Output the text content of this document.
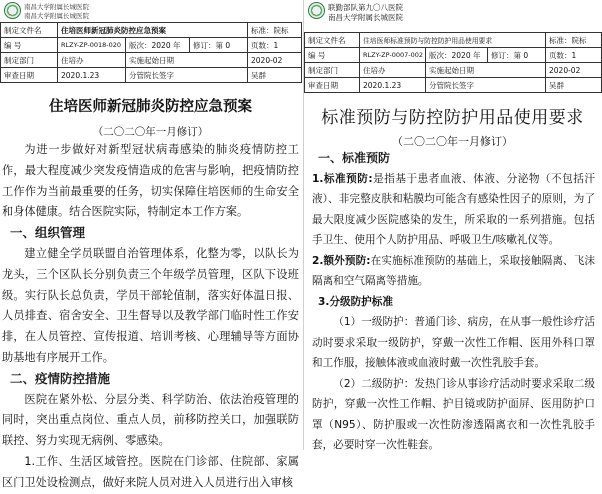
南昌大学附属长城医院
南昌大学附属长城医院
制定文件名	住培医师新冠肺炎防控应急预案			标准：院标
编 号	RLZY-ZP-0018-020	版次：2020 年	修订：第 0	页数：1
制定部门	住培办	实施起始日期		2020-02
审查日期	2020.1.23	分管院长签字		吴群
住培医师新冠肺炎防控应急预案
（二〇二〇年一月修订）

为进一步做好对新型冠状病毒感染的肺炎疫情防控工作，最大程度减少突发疫情造成的危害与影响，把疫情防控工作作为当前最重要的任务，切实保障住培医师的生命安全和身体健康。结合医院实际，特制定本工作方案。

一、组织管理

建立健全学员联盟自治管理体系，化整为零，以队长为龙头，三个区队长分别负责三个年级学员管理，区队下设班级。实行队长总负责，学员干部轮值制，落实好体温日报、人员排查、宿舍安全、卫生督导以及教学部门临时性工作安排，在人员管控、宣传报道、培训考核、心理辅导等方面协助基地有序展开工作。

二、疫情防控措施

医院在紧外松、分层分类、科学防治、依法治疫管理的同时，突出重点岗位、重点人员，前移防控关口，加强联防联控、努力实现无病例、零感染。

1.工作、生活区域管控。医院在门诊部、住院部、家属区门卫处设检测点，做好来院人员对进入人员进行出入审核

联勤部队第九〇八医院
南昌大学附属长城医院
制定文件名	住培医师标准预防与防控防护用品使用要求			标准：院标
编 号	RLZY-ZP-0007-002	版次：2020 年	修订：第 0	页数：1
制定部门	住培办	实施起始日期		2020-02
审查日期	2020.1.23	分管院长签字		吴群
标准预防与防控防护用品使用要求
（二〇二〇年一月修订）

一、标准预防

1.标准预防:是指基于患者血液、体液、分泌物（不包括汗液）、非完整皮肤和粘膜均可能含有感染性因子的原则，为了最大限度减少医院感染的发生，所采取的一系列措施。包括手卫生、使用个人防护用品、呼吸卫生/咳嗽礼仪等。

2.额外预防:在实施标准预防的基础上，采取接触隔离、飞沫隔离和空气隔离等措施。

3.分级防护标准

（1）一级防护：普通门诊、病房，在从事一般性诊疗活动时要求采取一级防护，穿戴一次性工作帽、医用外科口罩和工作服，接触体液或血液时戴一次性乳胶手套。

（2）二级防护：发热门诊从事诊疗活动时要求采取二级防护，穿戴一次性工作帽、护目镜或防护面屏、医用防护口罩（N95）、防护服或一次性防渗透隔离衣和一次性乳胶手套，必要时穿一次性鞋套。
